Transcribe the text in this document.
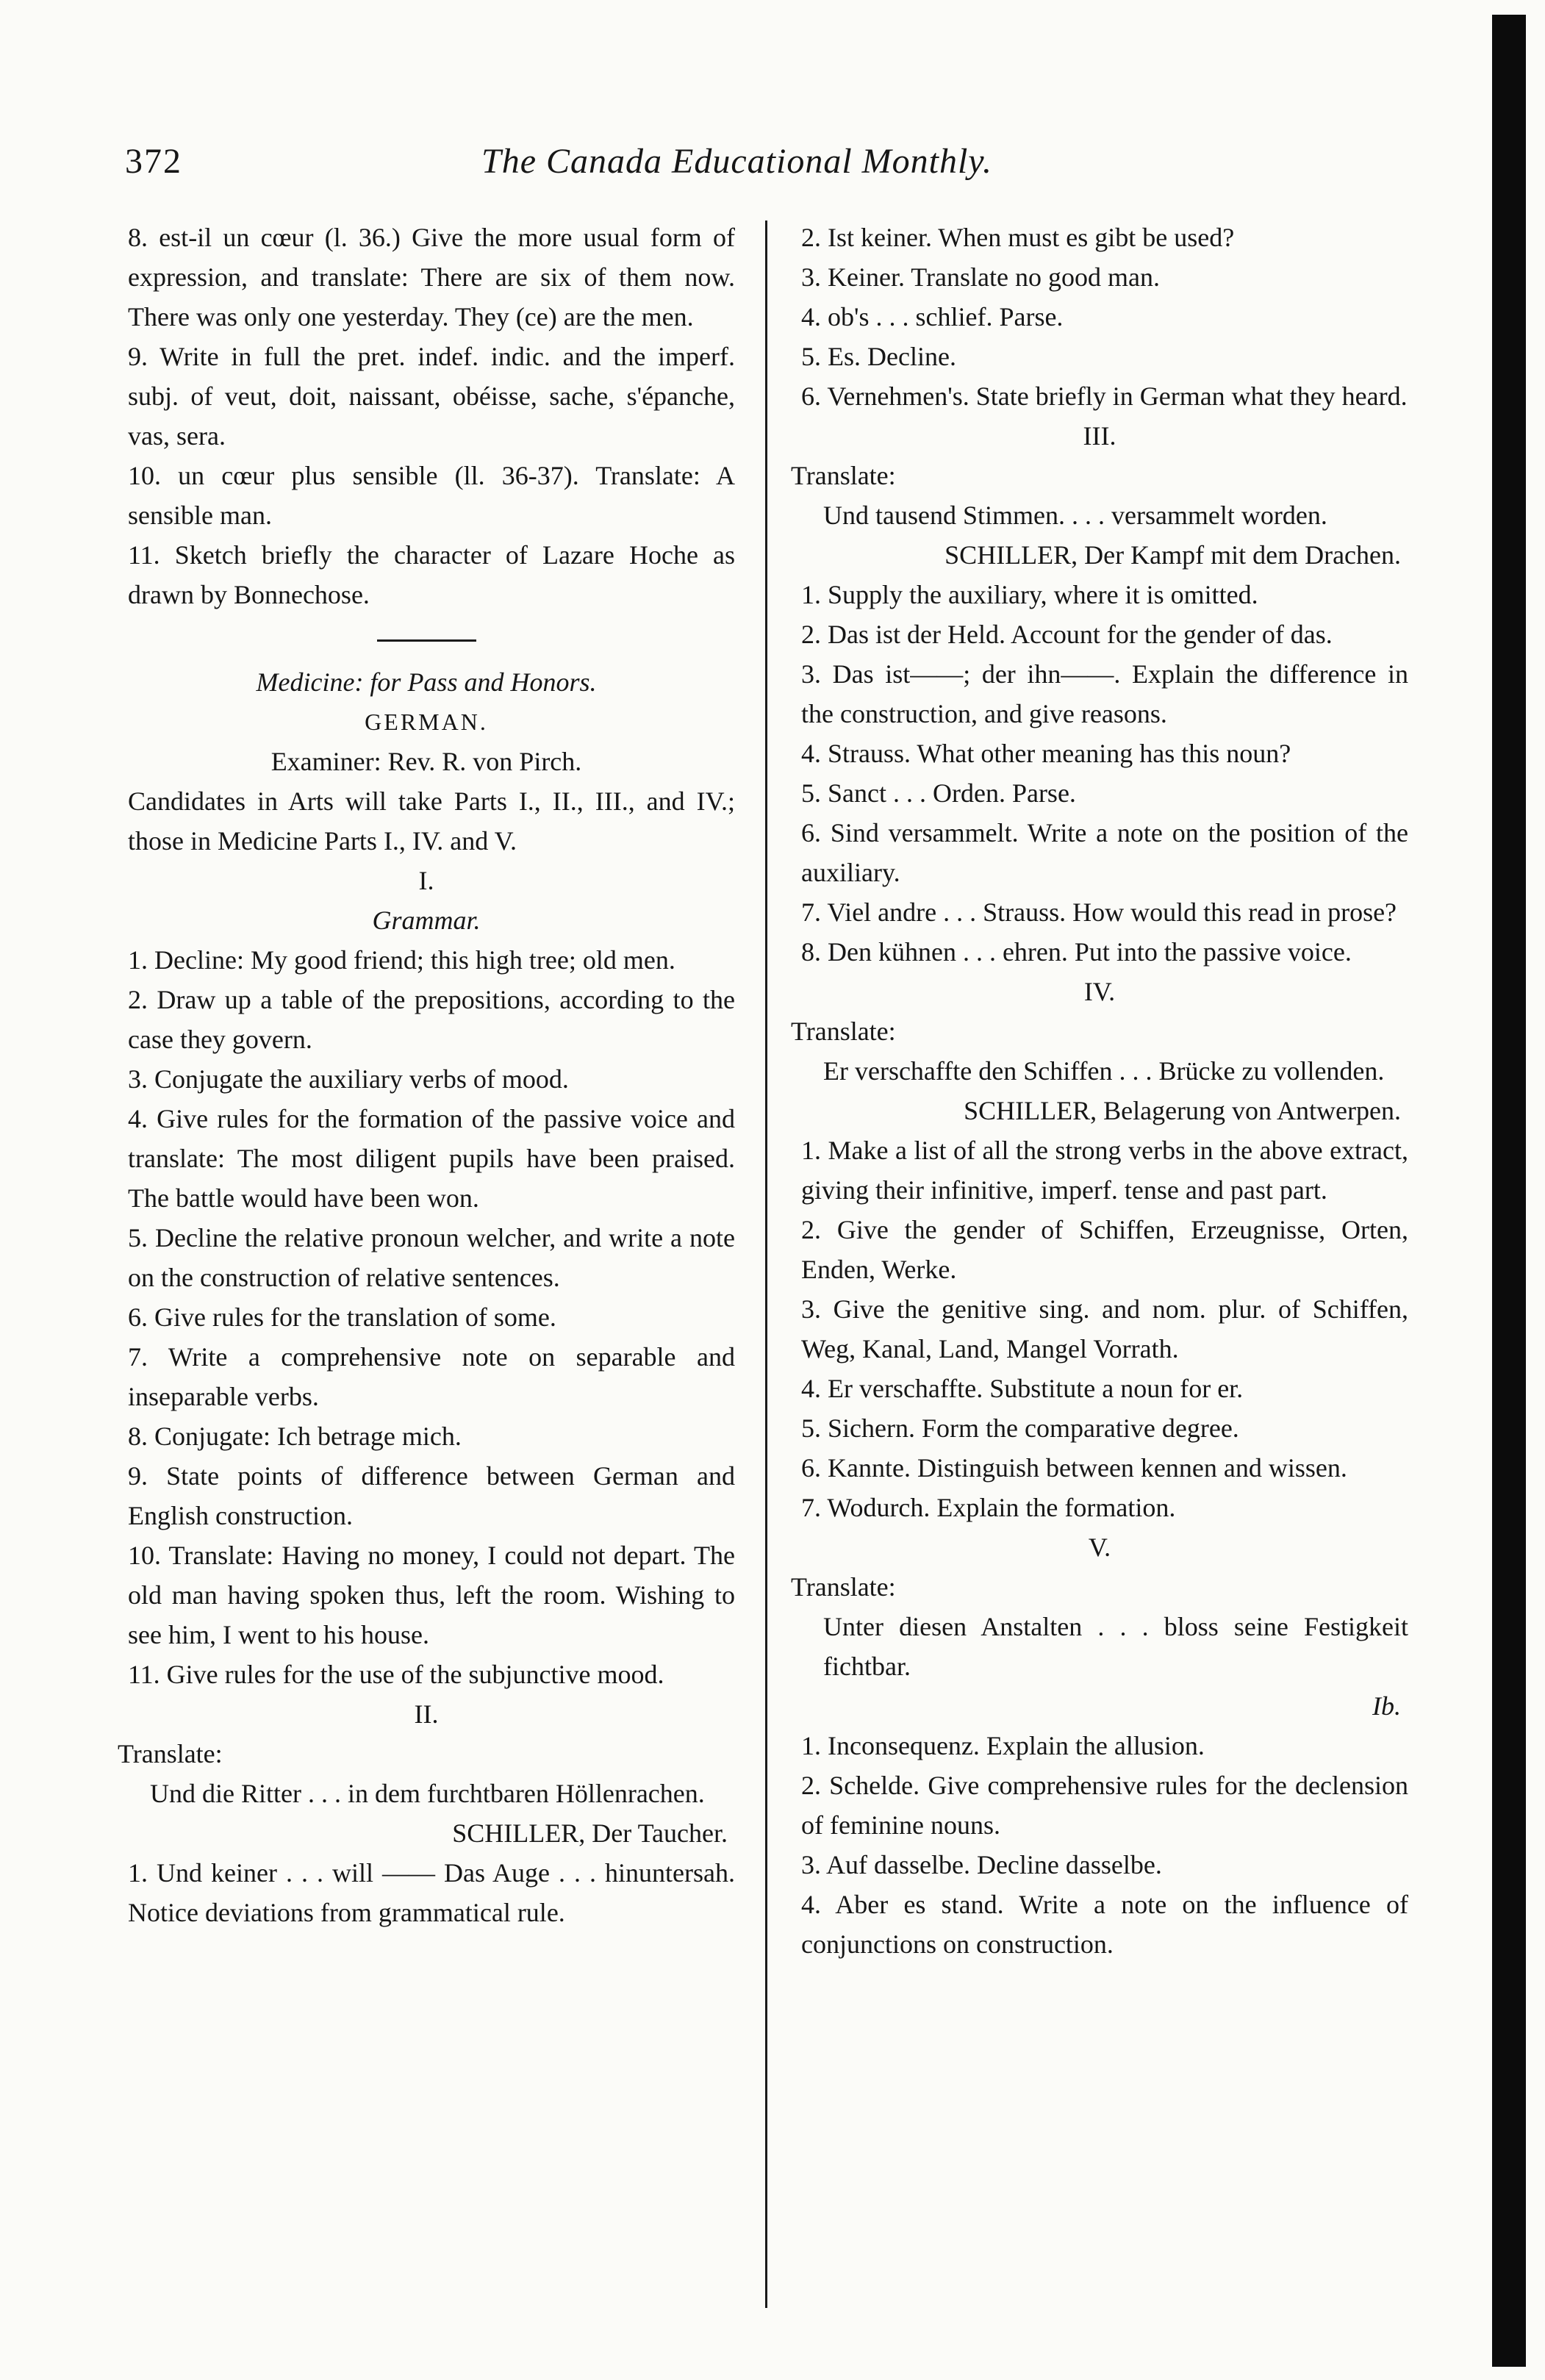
372	The Canada Educational Monthly.

8. est-il un cœur (l. 36.) Give the more usual form of expression, and translate: There are six of them now. There was only one yesterday. They (ce) are the men.

9. Write in full the pret. indef. indic. and the imperf. subj. of veut, doit, naissant, obéisse, sache, s'épanche, vas, sera.

10. un cœur plus sensible (ll. 36-37). Translate: A sensible man.

11. Sketch briefly the character of Lazare Hoche as drawn by Bonnechose.

Medicine: for Pass and Honors.

GERMAN.

Examiner: Rev. R. von Pirch.

Candidates in Arts will take Parts I., II., III., and IV.; those in Medicine Parts I., IV. and V.

I.

Grammar.

1. Decline: My good friend; this high tree; old men.

2. Draw up a table of the prepositions, according to the case they govern.

3. Conjugate the auxiliary verbs of mood.

4. Give rules for the formation of the passive voice and translate: The most diligent pupils have been praised. The battle would have been won.

5. Decline the relative pronoun welcher, and write a note on the construction of relative sentences.

6. Give rules for the translation of some.

7. Write a comprehensive note on separable and inseparable verbs.

8. Conjugate: Ich betrage mich.

9. State points of difference between German and English construction.

10. Translate: Having no money, I could not depart. The old man having spoken thus, left the room. Wishing to see him, I went to his house.

11. Give rules for the use of the subjunctive mood.

II.

Translate:

Und die Ritter . . . in dem furchtbaren Höllenrachen.

SCHILLER, Der Taucher.

1. Und keiner . . . will —— Das Auge . . . hinuntersah. Notice deviations from grammatical rule.

2. Ist keiner. When must es gibt be used?

3. Keiner. Translate no good man.

4. ob's . . . schlief. Parse.

5. Es. Decline.

6. Vernehmen's. State briefly in German what they heard.

III.

Translate:

Und tausend Stimmen. . . . versammelt worden.

SCHILLER, Der Kampf mit dem Drachen.

1. Supply the auxiliary, where it is omitted.

2. Das ist der Held. Account for the gender of das.

3. Das ist——; der ihn——. Explain the difference in the construction, and give reasons.

4. Strauss. What other meaning has this noun?

5. Sanct . . . Orden. Parse.

6. Sind versammelt. Write a note on the position of the auxiliary.

7. Viel andre . . . Strauss. How would this read in prose?

8. Den kühnen . . . ehren. Put into the passive voice.

IV.

Translate:

Er verschaffte den Schiffen . . . Brücke zu vollenden.

SCHILLER, Belagerung von Antwerpen.

1. Make a list of all the strong verbs in the above extract, giving their infinitive, imperf. tense and past part.

2. Give the gender of Schiffen, Erzeugnisse, Orten, Enden, Werke.

3. Give the genitive sing. and nom. plur. of Schiffen, Weg, Kanal, Land, Mangel Vorrath.

4. Er verschaffte. Substitute a noun for er.

5. Sichern. Form the comparative degree.

6. Kannte. Distinguish between kennen and wissen.

7. Wodurch. Explain the formation.

V.

Translate:

Unter diesen Anstalten . . . bloss seine Festigkeit fichtbar.

Ib.

1. Inconsequenz. Explain the allusion.

2. Schelde. Give comprehensive rules for the declension of feminine nouns.

3. Auf dasselbe. Decline dasselbe.

4. Aber es stand. Write a note on the influence of conjunctions on construction.
